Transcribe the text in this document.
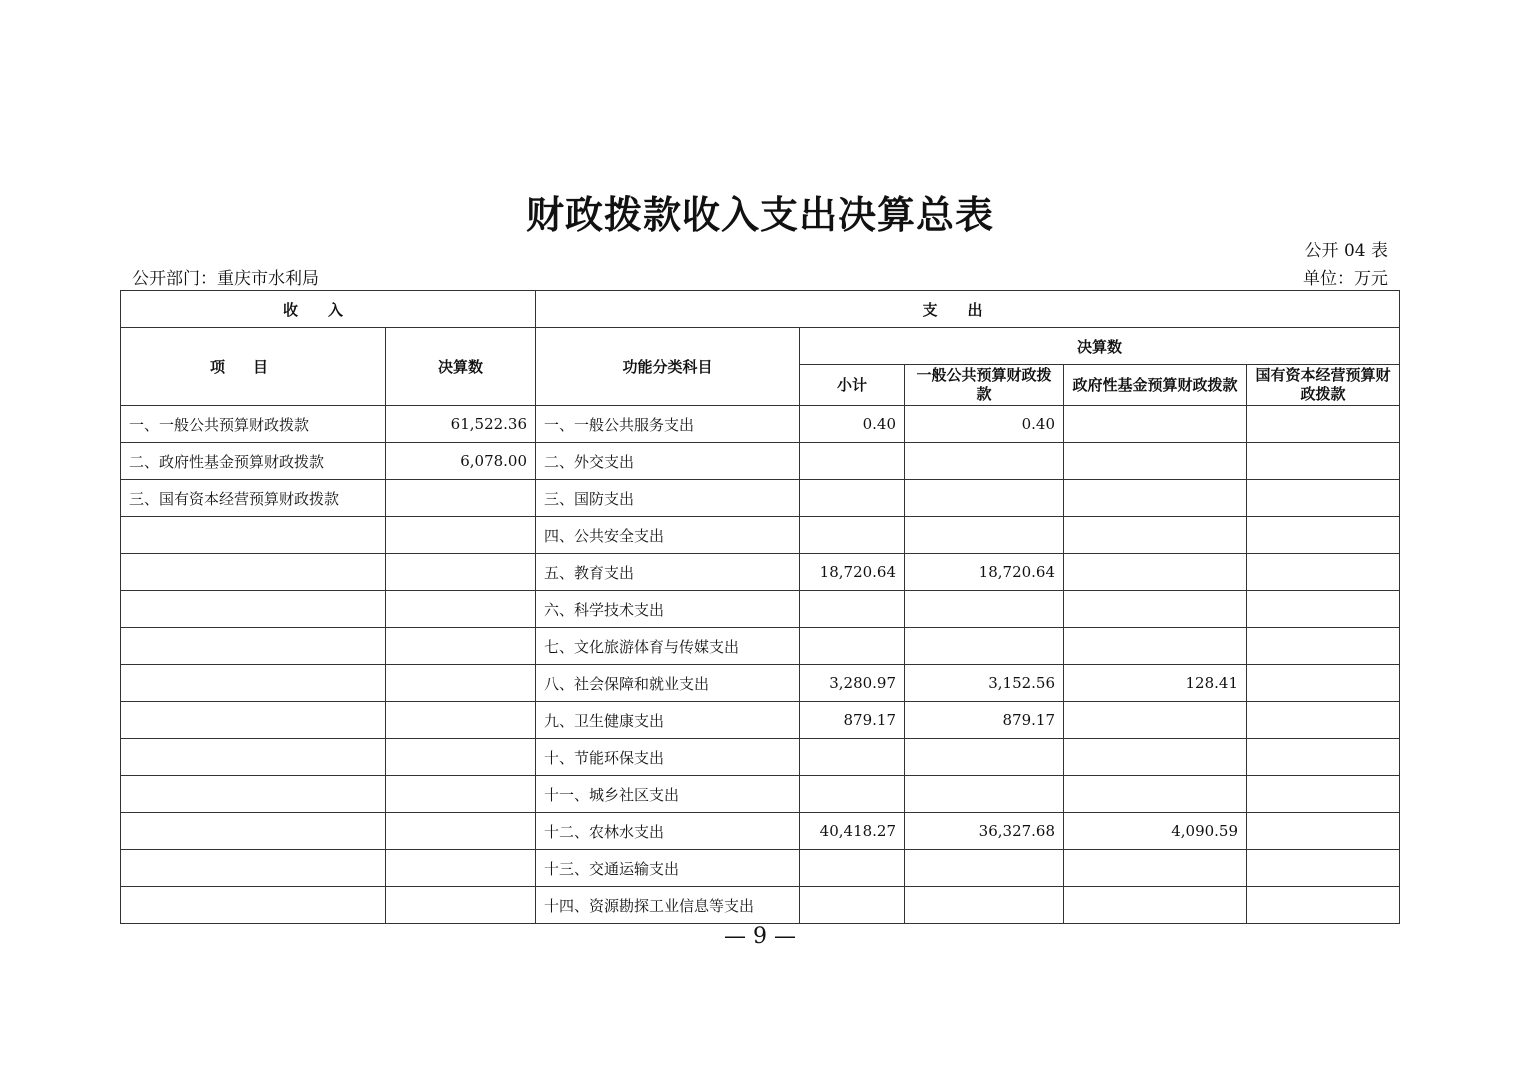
财政拨款收入支出决算总表
公开 04 表
公开部门：重庆市水利局	单位：万元
收入		支出				
项目	决算数	功能分类科目	决算数			
			小计	一般公共预算财政拨款	政府性基金预算财政拨款	国有资本经营预算财政拨款
一、一般公共预算财政拨款	61,522.36	一、一般公共服务支出	0.40	0.40		
二、政府性基金预算财政拨款	6,078.00	二、外交支出				
三、国有资本经营预算财政拨款		三、国防支出				
		四、公共安全支出				
		五、教育支出	18,720.64	18,720.64		
		六、科学技术支出				
		七、文化旅游体育与传媒支出				
		八、社会保障和就业支出	3,280.97	3,152.56	128.41	
		九、卫生健康支出	879.17	879.17		
		十、节能环保支出				
		十一、城乡社区支出				
		十二、农林水支出	40,418.27	36,327.68	4,090.59	
		十三、交通运输支出				
		十四、资源勘探工业信息等支出				
— 9 —
